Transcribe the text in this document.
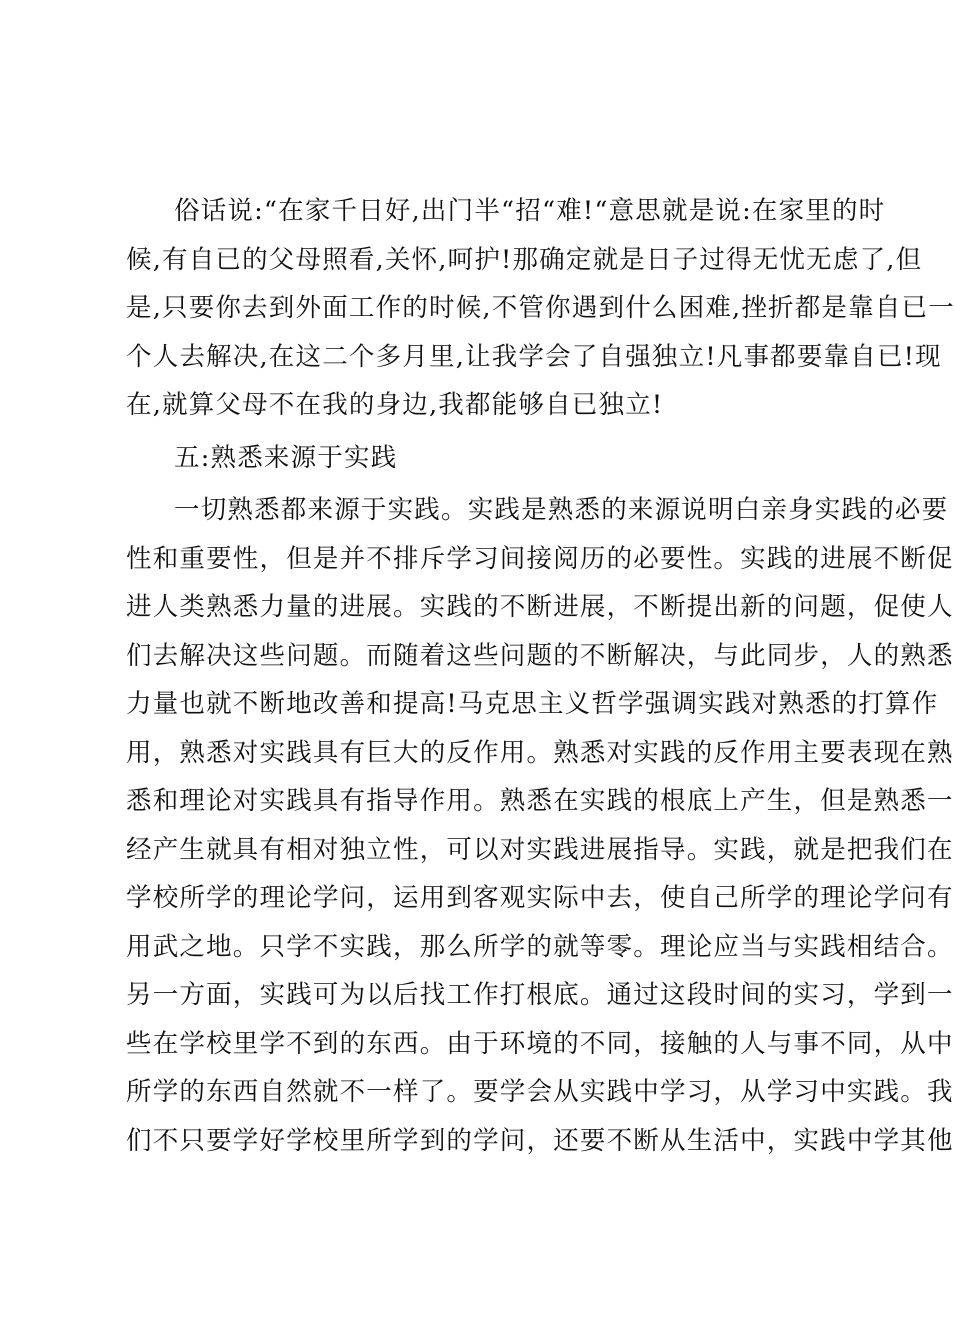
俗话说:“在家千日好,出门半“招“难!“意思就是说:在家里的时
候,有自已的父母照看,关怀,呵护!那确定就是日子过得无忧无虑了,但
是,只要你去到外面工作的时候,不管你遇到什么困难,挫折都是靠自已一
个人去解决,在这二个多月里,让我学会了自强独立!凡事都要靠自已!现
在,就算父母不在我的身边,我都能够自已独立!
五:熟悉来源于实践
一切熟悉都来源于实践。实践是熟悉的来源说明白亲身实践的必要
性和重要性，但是并不排斥学习间接阅历的必要性。实践的进展不断促
进人类熟悉力量的进展。实践的不断进展，不断提出新的问题，促使人
们去解决这些问题。而随着这些问题的不断解决，与此同步，人的熟悉
力量也就不断地改善和提高!马克思主义哲学强调实践对熟悉的打算作
用，熟悉对实践具有巨大的反作用。熟悉对实践的反作用主要表现在熟
悉和理论对实践具有指导作用。熟悉在实践的根底上产生，但是熟悉一
经产生就具有相对独立性，可以对实践进展指导。实践，就是把我们在
学校所学的理论学问，运用到客观实际中去，使自己所学的理论学问有
用武之地。只学不实践，那么所学的就等零。理论应当与实践相结合。
另一方面，实践可为以后找工作打根底。通过这段时间的实习，学到一
些在学校里学不到的东西。由于环境的不同，接触的人与事不同，从中
所学的东西自然就不一样了。要学会从实践中学习，从学习中实践。我
们不只要学好学校里所学到的学问，还要不断从生活中，实践中学其他
